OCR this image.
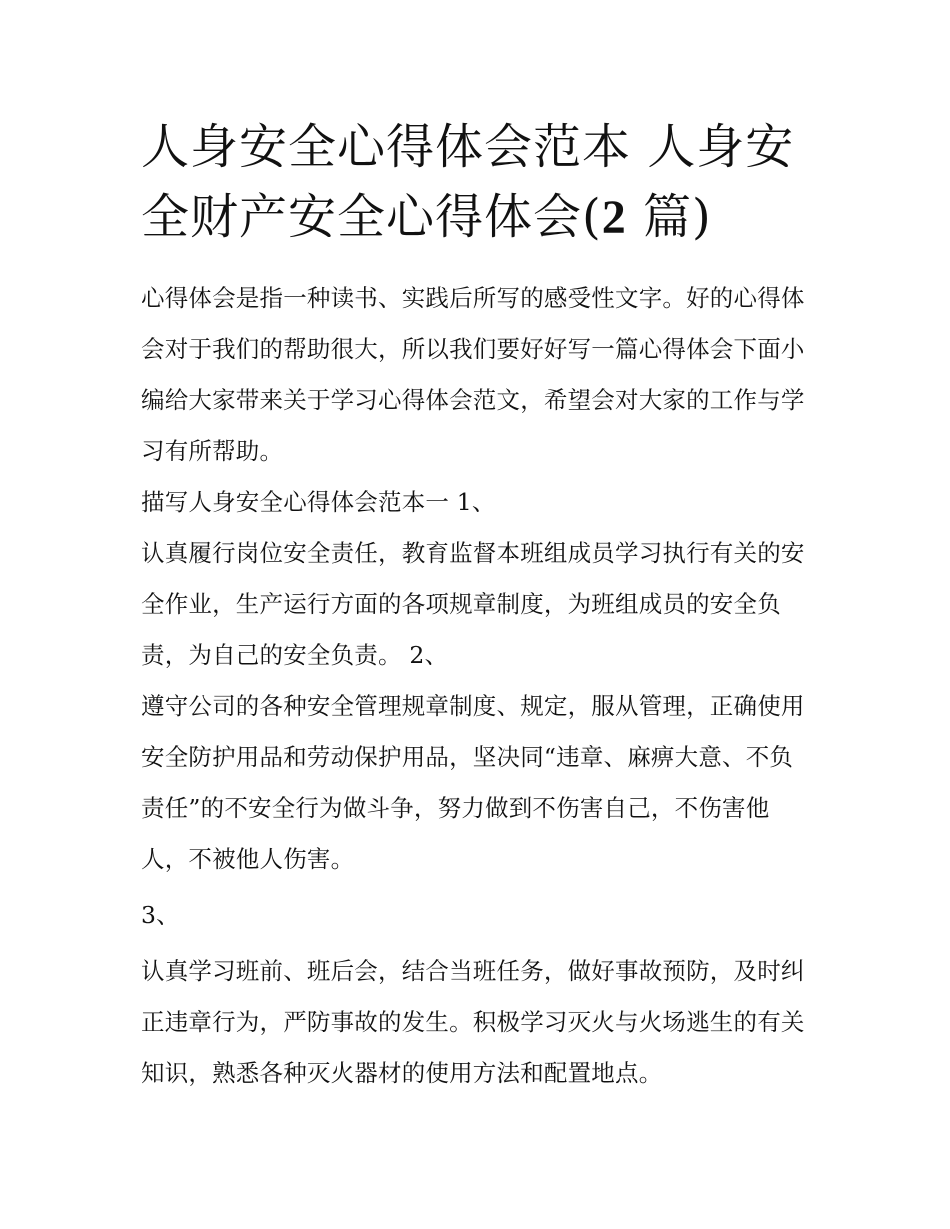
人身安全心得体会范本 人身安
全财产安全心得体会(2 篇)

心得体会是指一种读书、实践后所写的感受性文字。好的心得体会对于我们的帮助很大，所以我们要好好写一篇心得体会下面小编给大家带来关于学习心得体会范文，希望会对大家的工作与学习有所帮助。

描写人身安全心得体会范本一 1、

认真履行岗位安全责任，教育监督本班组成员学习执行有关的安全作业，生产运行方面的各项规章制度，为班组成员的安全负责，为自己的安全负责。 2、

遵守公司的各种安全管理规章制度、规定，服从管理，正确使用安全防护用品和劳动保护用品，坚决同“违章、麻痹大意、不负责任”的不安全行为做斗争，努力做到不伤害自己，不伤害他人，不被他人伤害。

3、

认真学习班前、班后会，结合当班任务，做好事故预防，及时纠正违章行为，严防事故的发生。积极学习灭火与火场逃生的有关知识，熟悉各种灭火器材的使用方法和配置地点。
